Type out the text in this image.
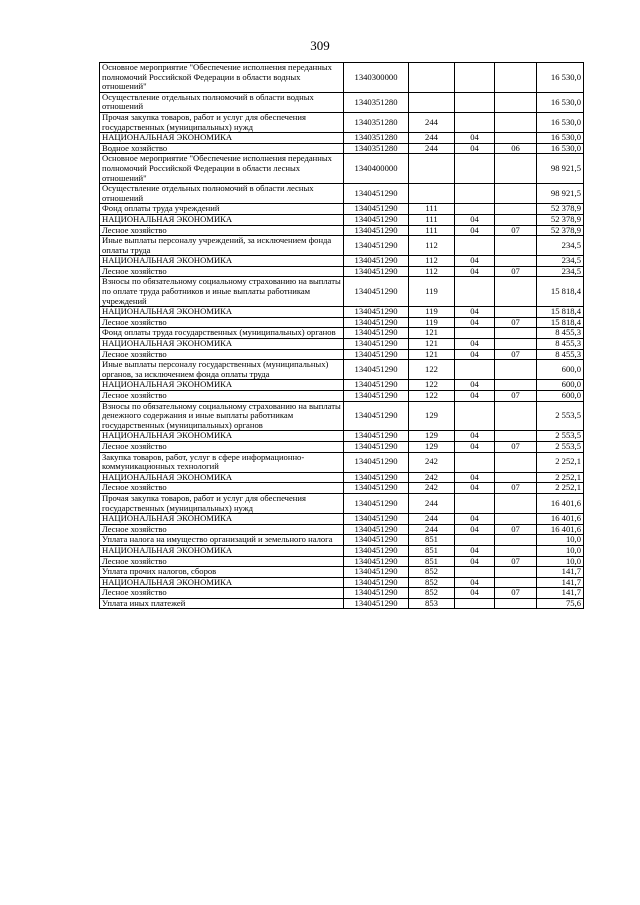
309
Основное мероприятие "Обеспечение исполнения переданных полномочий Российской Федерации в области водных отношений"	1340300000				16 530,0
Осуществление отдельных полномочий в области водных отношений	1340351280				16 530,0
Прочая закупка товаров, работ и услуг для обеспечения государственных (муниципальных) нужд	1340351280	244			16 530,0
НАЦИОНАЛЬНАЯ ЭКОНОМИКА	1340351280	244	04		16 530,0
Водное хозяйство	1340351280	244	04	06	16 530,0
Основное мероприятие "Обеспечение исполнения переданных полномочий Российской Федерации в области лесных отношений"	1340400000				98 921,5
Осуществление отдельных полномочий в области лесных отношений	1340451290				98 921,5
Фонд оплаты труда учреждений	1340451290	111			52 378,9
НАЦИОНАЛЬНАЯ ЭКОНОМИКА	1340451290	111	04		52 378,9
Лесное хозяйство	1340451290	111	04	07	52 378,9
Иные выплаты персоналу учреждений, за исключением фонда оплаты труда	1340451290	112			234,5
НАЦИОНАЛЬНАЯ ЭКОНОМИКА	1340451290	112	04		234,5
Лесное хозяйство	1340451290	112	04	07	234,5
Взносы по обязательному социальному страхованию на выплаты по оплате труда работников и иные выплаты работникам учреждений	1340451290	119			15 818,4
НАЦИОНАЛЬНАЯ ЭКОНОМИКА	1340451290	119	04		15 818,4
Лесное хозяйство	1340451290	119	04	07	15 818,4
Фонд оплаты труда государственных (муниципальных) органов	1340451290	121			8 455,3
НАЦИОНАЛЬНАЯ ЭКОНОМИКА	1340451290	121	04		8 455,3
Лесное хозяйство	1340451290	121	04	07	8 455,3
Иные выплаты персоналу государственных (муниципальных) органов, за исключением фонда оплаты труда	1340451290	122			600,0
НАЦИОНАЛЬНАЯ ЭКОНОМИКА	1340451290	122	04		600,0
Лесное хозяйство	1340451290	122	04	07	600,0
Взносы по обязательному социальному страхованию на выплаты денежного содержания и иные выплаты работникам государственных (муниципальных) органов	1340451290	129			2 553,5
НАЦИОНАЛЬНАЯ ЭКОНОМИКА	1340451290	129	04		2 553,5
Лесное хозяйство	1340451290	129	04	07	2 553,5
Закупка товаров, работ, услуг в сфере информационно-коммуникационных технологий	1340451290	242			2 252,1
НАЦИОНАЛЬНАЯ ЭКОНОМИКА	1340451290	242	04		2 252,1
Лесное хозяйство	1340451290	242	04	07	2 252,1
Прочая закупка товаров, работ и услуг для обеспечения государственных (муниципальных) нужд	1340451290	244			16 401,6
НАЦИОНАЛЬНАЯ ЭКОНОМИКА	1340451290	244	04		16 401,6
Лесное хозяйство	1340451290	244	04	07	16 401,6
Уплата налога на имущество организаций и земельного налога	1340451290	851			10,0
НАЦИОНАЛЬНАЯ ЭКОНОМИКА	1340451290	851	04		10,0
Лесное хозяйство	1340451290	851	04	07	10,0
Уплата прочих налогов, сборов	1340451290	852			141,7
НАЦИОНАЛЬНАЯ ЭКОНОМИКА	1340451290	852	04		141,7
Лесное хозяйство	1340451290	852	04	07	141,7
Уплата иных платежей	1340451290	853			75,6
